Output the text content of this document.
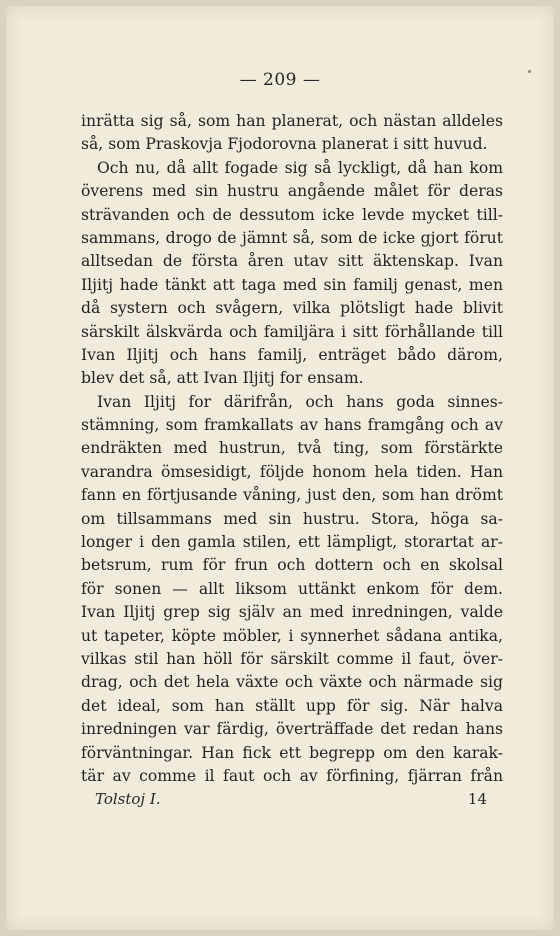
— 209 —
inrätta sig så, som han planerat, och nästan alldeles
så, som Praskovja Fjodorovna planerat i sitt huvud.
Och nu, då allt fogade sig så lyckligt, då han kom
överens med sin hustru angående målet för deras
strävanden och de dessutom icke levde mycket till-
sammans, drogo de jämnt så, som de icke gjort förut
alltsedan de första åren utav sitt äktenskap. Ivan
Iljitj hade tänkt att taga med sin familj genast, men
då systern och svågern, vilka plötsligt hade blivit
särskilt älskvärda och familjära i sitt förhållande till
Ivan Iljitj och hans familj, enträget bådo därom,
blev det så, att Ivan Iljitj for ensam.
Ivan Iljitj for därifrån, och hans goda sinnes-
stämning, som framkallats av hans framgång och av
endräkten med hustrun, två ting, som förstärkte
varandra ömsesidigt, följde honom hela tiden. Han
fann en förtjusande våning, just den, som han drömt
om tillsammans med sin hustru. Stora, höga sa-
longer i den gamla stilen, ett lämpligt, storartat ar-
betsrum, rum för frun och dottern och en skolsal
för sonen — allt liksom uttänkt enkom för dem.
Ivan Iljitj grep sig själv an med inredningen, valde
ut tapeter, köpte möbler, i synnerhet sådana antika,
vilkas stil han höll för särskilt comme il faut, över-
drag, och det hela växte och växte och närmade sig
det ideal, som han ställt upp för sig. När halva
inredningen var färdig, överträffade det redan hans
förväntningar. Han fick ett begrepp om den karak-
tär av comme il faut och av förfining, fjärran från
Tolstoj I.	14
